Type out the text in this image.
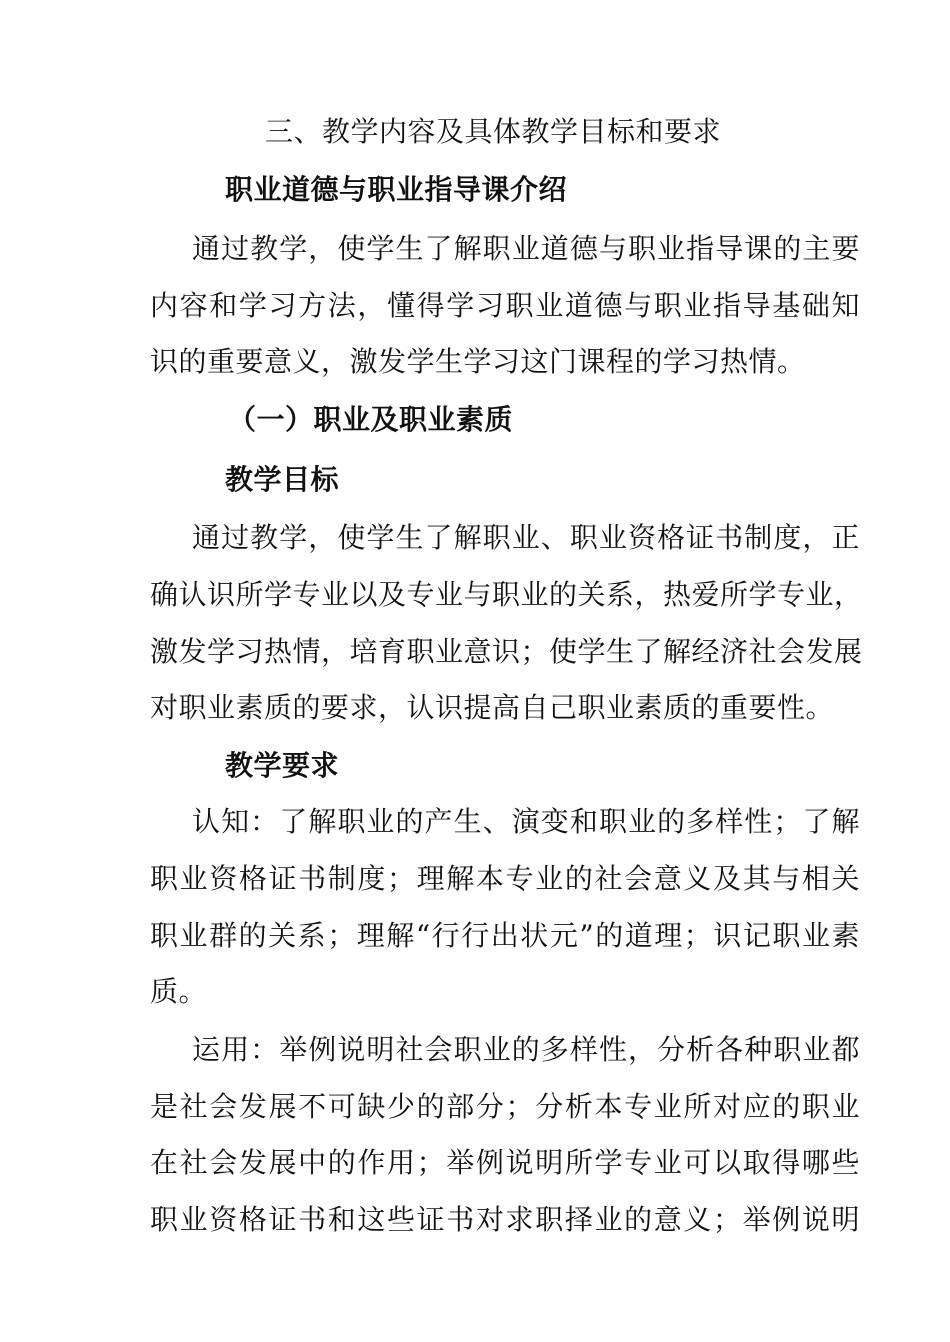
三、教学内容及具体教学目标和要求
职业道德与职业指导课介绍
通过教学，使学生了解职业道德与职业指导课的主要
内容和学习方法，懂得学习职业道德与职业指导基础知
识的重要意义，激发学生学习这门课程的学习热情。
（一）职业及职业素质
教学目标
通过教学，使学生了解职业、职业资格证书制度，正
确认识所学专业以及专业与职业的关系，热爱所学专业，
激发学习热情，培育职业意识；使学生了解经济社会发展
对职业素质的要求，认识提高自己职业素质的重要性。
教学要求
认知：了解职业的产生、演变和职业的多样性；了解
职业资格证书制度；理解本专业的社会意义及其与相关
职业群的关系；理解“行行出状元”的道理；识记职业素
质。
运用：举例说明社会职业的多样性，分析各种职业都
是社会发展不可缺少的部分；分析本专业所对应的职业
在社会发展中的作用；举例说明所学专业可以取得哪些
职业资格证书和这些证书对求职择业的意义；举例说明
